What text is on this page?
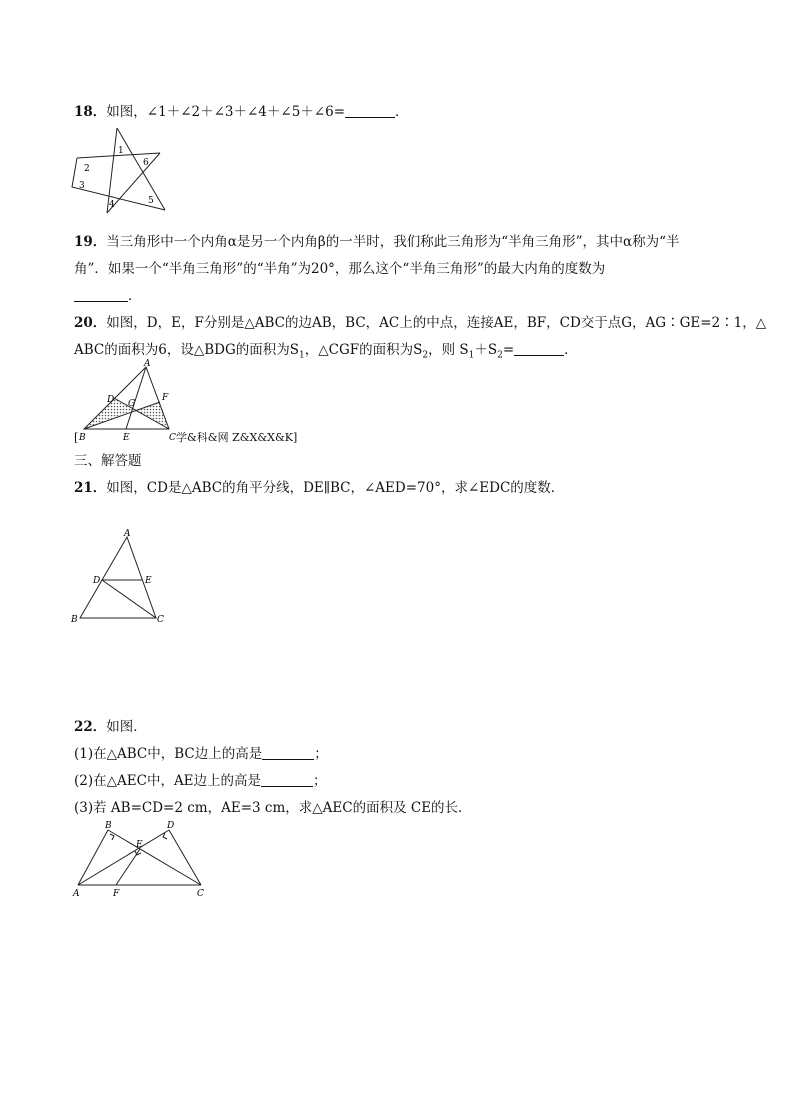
18．如图，∠1＋∠2＋∠3＋∠4＋∠5＋∠6=	．
1
2
3
4	5
6
19．当三角形中一个内角α是另一个内角β的一半时，我们称此三角形为“半角三角形”，其中α称为“半
角”．如果一个“半角三角形”的“半角”为20°，那么这个“半角三角形”的最大内角的度数为
．
20．如图，D，E，F分别是△ABC的边AB，BC，AC上的中点，连接AE，BF，CD交于点G，AG∶GE=2∶1，△
ABC的面积为6，设△BDG的面积为$S_1$，△CGF的面积为$S_2$，则 $S_1+S_2=$	．
A
D G
F
E
B	C
[	学&科&网 Z&X&X&K]
三、解答题
21．如图，CD是△ABC的角平分线，DE∥BC，∠AED=70°，求∠EDC的度数．
A
D	E
B	C
22．如图．
(1)在△ABC中，BC边上的高是	；
(2)在△AEC中，AE边上的高是	；
(3)若 AB=CD=2 cm，AE=3 cm，求△AEC的面积及 CE的长．
B	D
E
A	F	C
